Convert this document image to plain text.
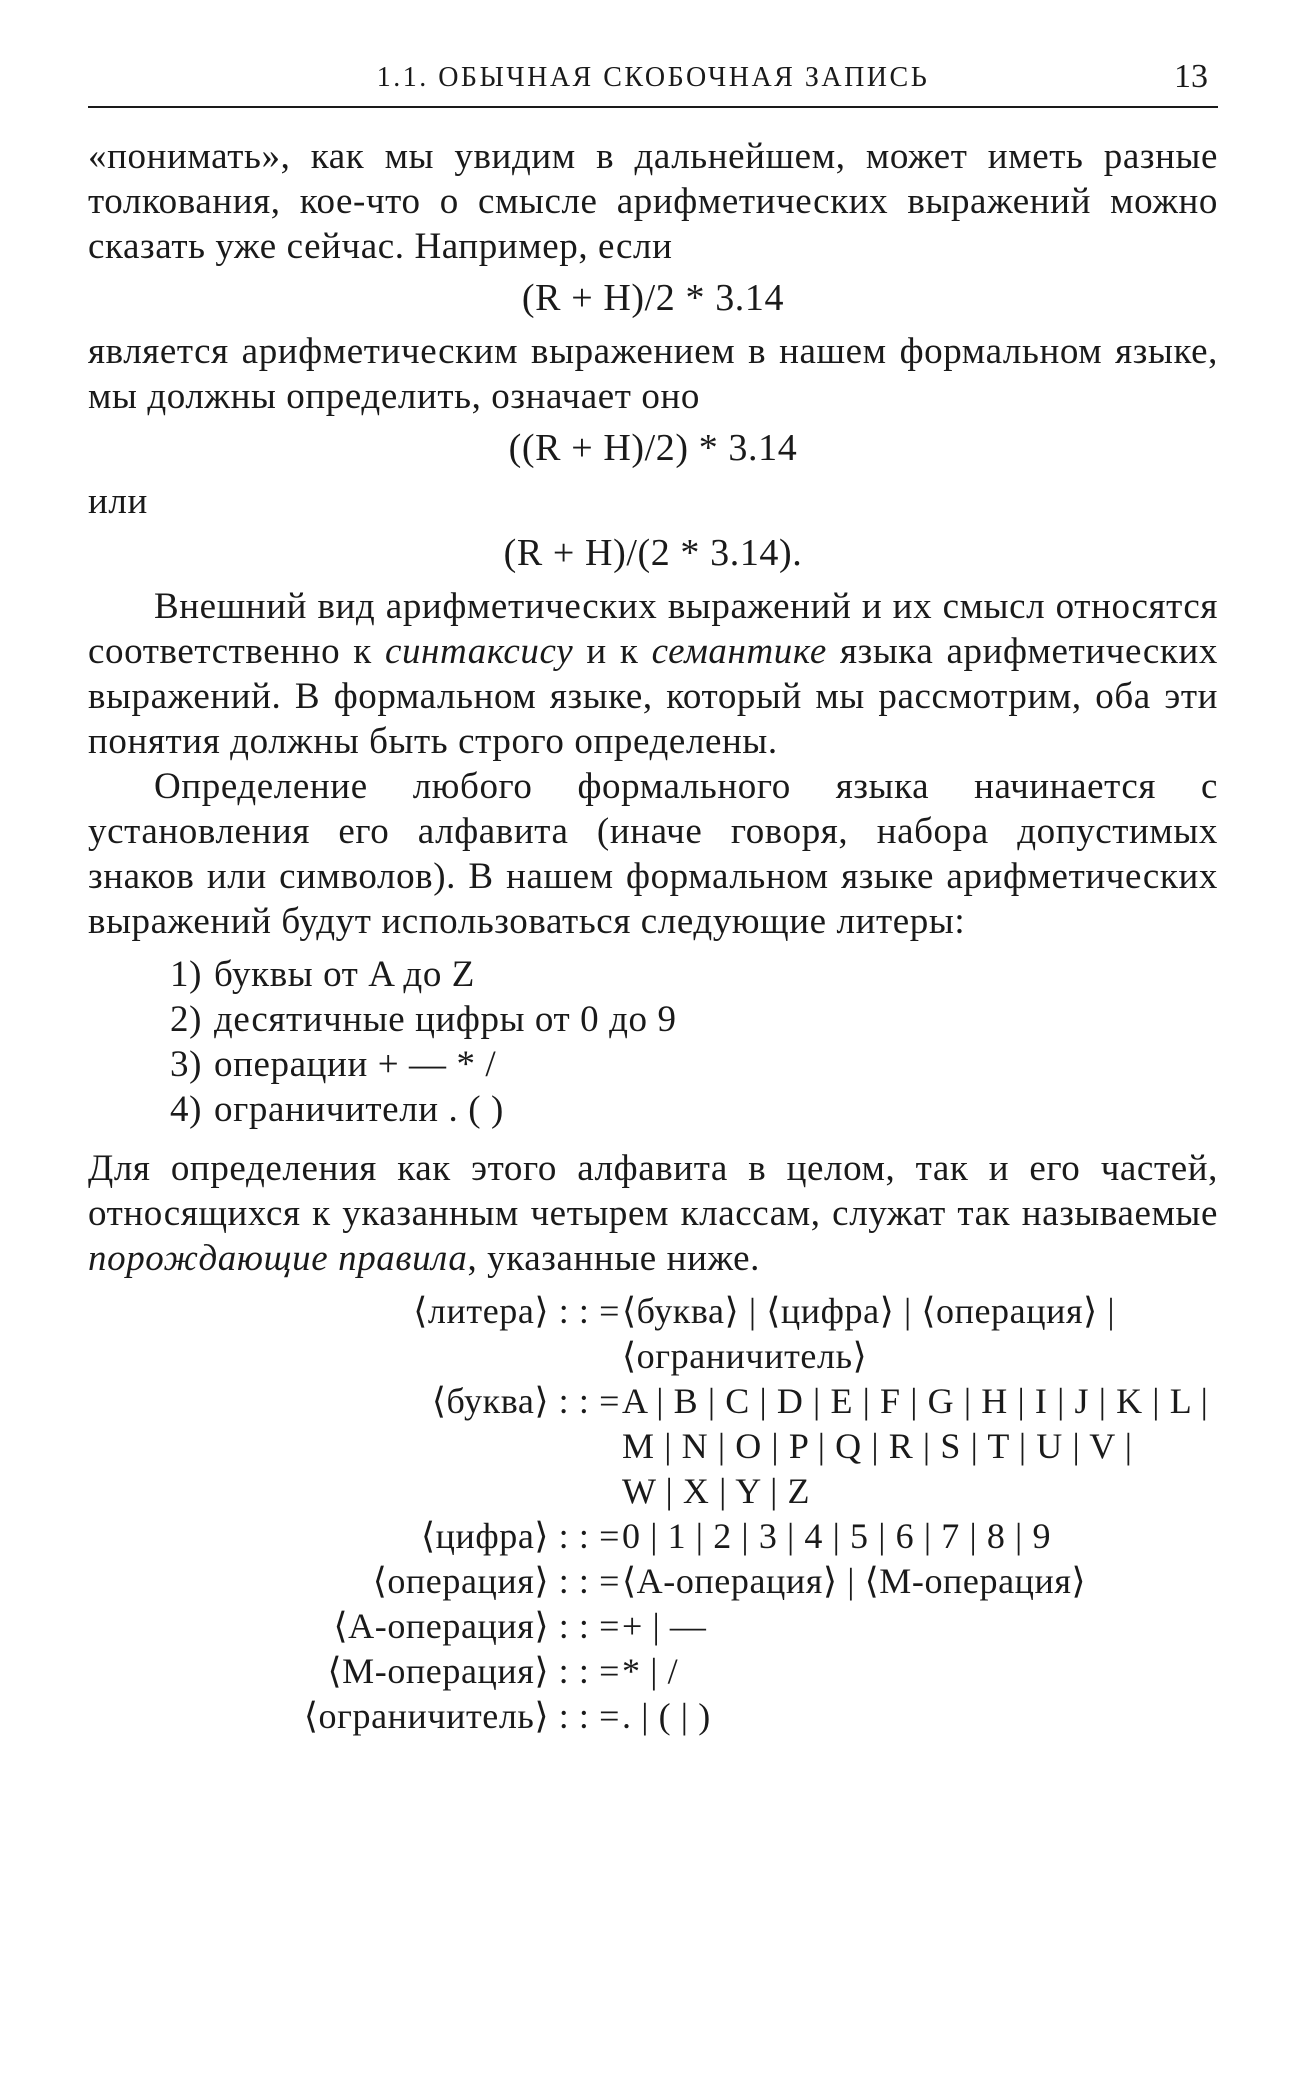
1.1. ОБЫЧНАЯ СКОБОЧНАЯ ЗАПИСЬ	13

«понимать», как мы увидим в дальнейшем, может иметь разные толкования, кое-что о смысле арифметических выражений можно сказать уже сейчас. Например, если

(R + H)/2 * 3.14

является арифметическим выражением в нашем формальном языке, мы должны определить, означает оно

((R + H)/2) * 3.14

или

(R + H)/(2 * 3.14).

Внешний вид арифметических выражений и их смысл относятся соответственно к синтаксису и к семантике языка арифметических выражений. В формальном языке, который мы рассмотрим, оба эти понятия должны быть строго определены.

Определение любого формального языка начинается с установления его алфавита (иначе говоря, набора допустимых знаков или символов). В нашем формальном языке арифметических выражений будут использоваться следующие литеры:

1) буквы от A до Z
2) десятичные цифры от 0 до 9
3) операции + — * /
4) ограничители . ( )

Для определения как этого алфавита в целом, так и его частей, относящихся к указанным четырем классам, служат так называемые порождающие правила, указанные ниже.

⟨литера⟩ : : = ⟨буква⟩ | ⟨цифра⟩ | ⟨операция⟩ |
⟨ограничитель⟩
⟨буква⟩ : : = A | B | C | D | E | F | G | H | I | J | K | L |
M | N | O | P | Q | R | S | T | U | V |
W | X | Y | Z
⟨цифра⟩ : : = 0 | 1 | 2 | 3 | 4 | 5 | 6 | 7 | 8 | 9
⟨операция⟩ : : = ⟨A-операция⟩ | ⟨M-операция⟩
⟨A-операция⟩ : : = + | —
⟨M-операция⟩ : : = * | /
⟨ограничитель⟩ : : = . | ( | )
